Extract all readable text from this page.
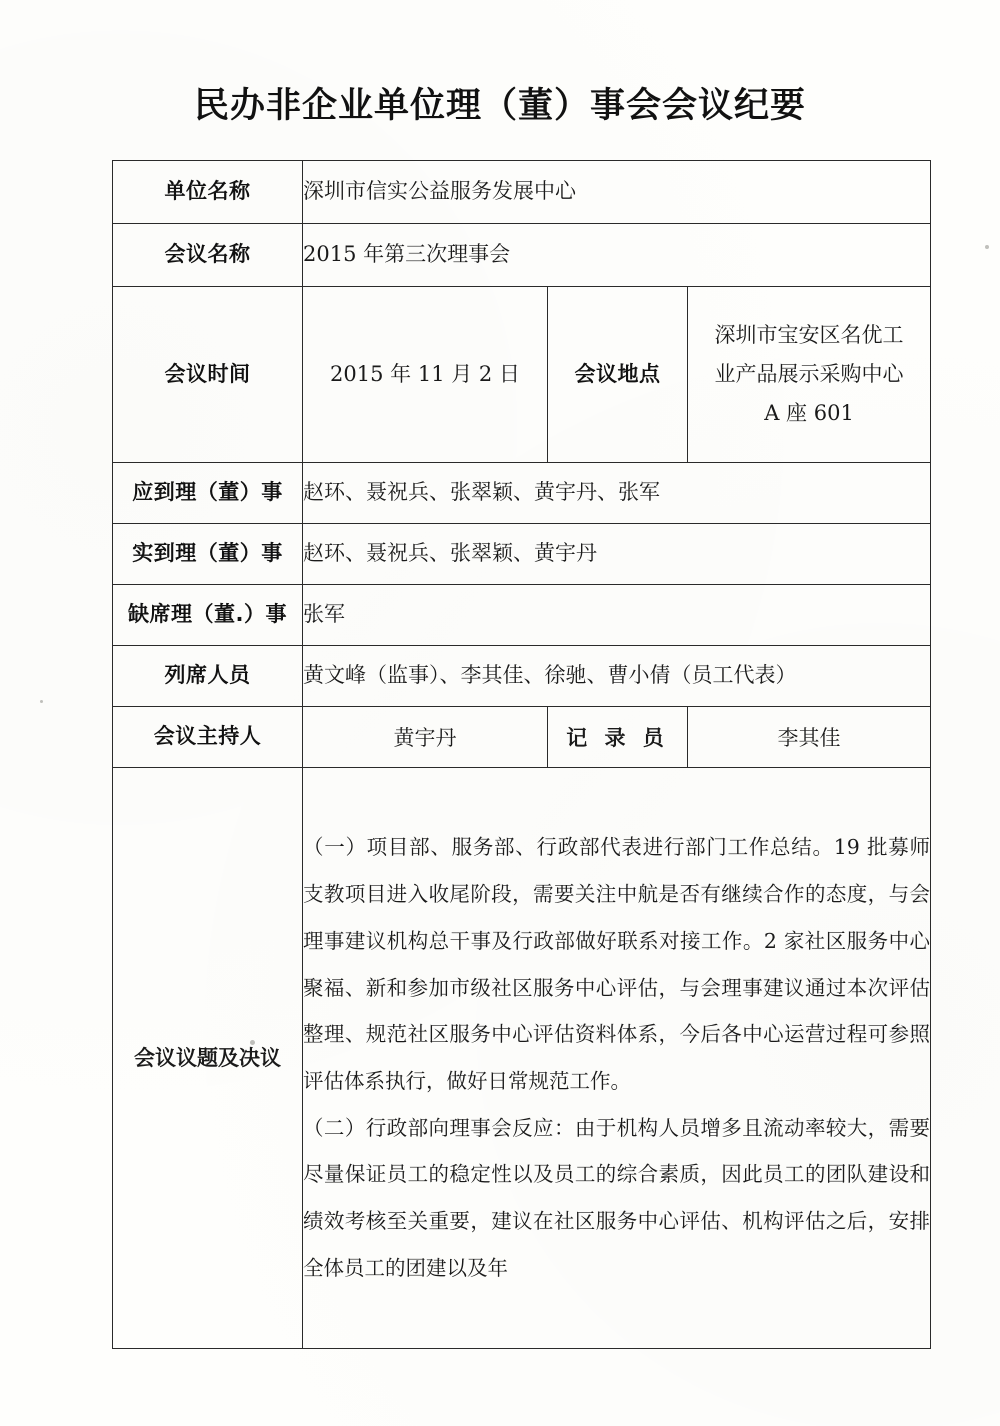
民办非企业单位理（董）事会会议纪要
单位名称	深圳市信实公益服务发展中心		
会议名称	2015 年第三次理事会		
会议时间	2015 年 11 月 2 日	会议地点	深圳市宝安区名优工
业产品展示采购中心
A 座 601

应到理（董）事	赵环、聂祝兵、张翠颖、黄宇丹、张军		
实到理（董）事	赵环、聂祝兵、张翠颖、黄宇丹		
缺席理（董.）事	张军		
列席人员	黄文峰（监事）、李其佳、徐驰、曹小倩（员工代表）		
会议主持人	黄宇丹	记 录 员	李其佳
会议议题及决议	（一）项目部、服务部、行政部代表进行部门工作总结。19 批募师支教项目进入收尾阶段，需要关注中航是否有继续合作的态度，与会理事建议机构总干事及行政部做好联系对接工作。2 家社区服务中心聚福、新和参加市级社区服务中心评估，与会理事建议通过本次评估整理、规范社区服务中心评估资料体系，今后各中心运营过程可参照评估体系执行，做好日常规范工作。

（二）行政部向理事会反应：由于机构人员增多且流动率较大，需要尽量保证员工的稳定性以及员工的综合素质，因此员工的团队建设和绩效考核至关重要，建议在社区服务中心评估、机构评估之后，安排全体员工的团建以及年		
